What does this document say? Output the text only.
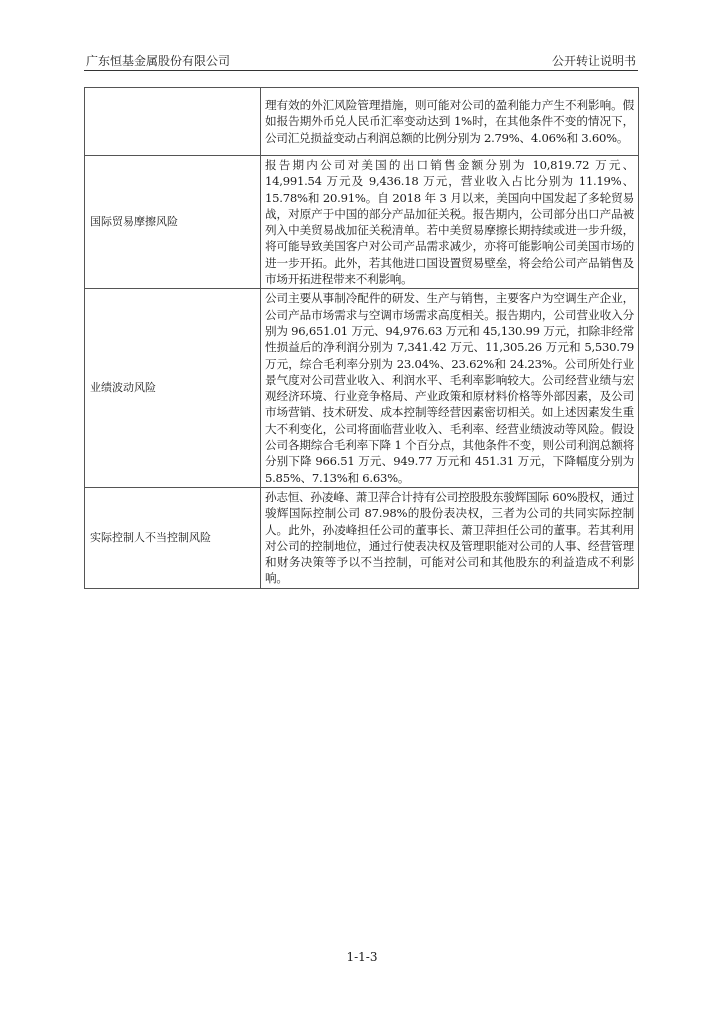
广东恒基金属股份有限公司	公开转让说明书
	理有效的外汇风险管理措施，则可能对公司的盈利能力产生不利影响。假如报告期外币兑人民币汇率变动达到 1%时，在其他条件不变的情况下，公司汇兑损益变动占利润总额的比例分别为 2.79%、4.06%和 3.60%。
国际贸易摩擦风险	报告期内公司对美国的出口销售金额分别为 10,819.72 万元、14,991.54 万元及 9,436.18 万元，营业收入占比分别为 11.19%、15.78%和 20.91%。自 2018 年 3 月以来，美国向中国发起了多轮贸易战，对原产于中国的部分产品加征关税。报告期内，公司部分出口产品被列入中美贸易战加征关税清单。若中美贸易摩擦长期持续或进一步升级，将可能导致美国客户对公司产品需求减少，亦将可能影响公司美国市场的进一步开拓。此外，若其他进口国设置贸易壁垒，将会给公司产品销售及市场开拓进程带来不利影响。
业绩波动风险	公司主要从事制冷配件的研发、生产与销售，主要客户为空调生产企业，公司产品市场需求与空调市场需求高度相关。报告期内，公司营业收入分别为 96,651.01 万元、94,976.63 万元和 45,130.99 万元，扣除非经常性损益后的净利润分别为 7,341.42 万元、11,305.26 万元和 5,530.79 万元，综合毛利率分别为 23.04%、23.62%和 24.23%。公司所处行业景气度对公司营业收入、利润水平、毛利率影响较大。公司经营业绩与宏观经济环境、行业竞争格局、产业政策和原材料价格等外部因素，及公司市场营销、技术研发、成本控制等经营因素密切相关。如上述因素发生重大不利变化，公司将面临营业收入、毛利率、经营业绩波动等风险。假设公司各期综合毛利率下降 1 个百分点，其他条件不变，则公司利润总额将分别下降 966.51 万元、949.77 万元和 451.31 万元，下降幅度分别为 5.85%、7.13%和 6.63%。
实际控制人不当控制风险	孙志恒、孙凌峰、萧卫萍合计持有公司控股股东骏辉国际 60%股权，通过骏辉国际控制公司 87.98%的股份表决权，三者为公司的共同实际控制人。此外，孙凌峰担任公司的董事长、萧卫萍担任公司的董事。若其利用对公司的控制地位，通过行使表决权及管理职能对公司的人事、经营管理和财务决策等予以不当控制，可能对公司和其他股东的利益造成不利影响。
1-1-3
